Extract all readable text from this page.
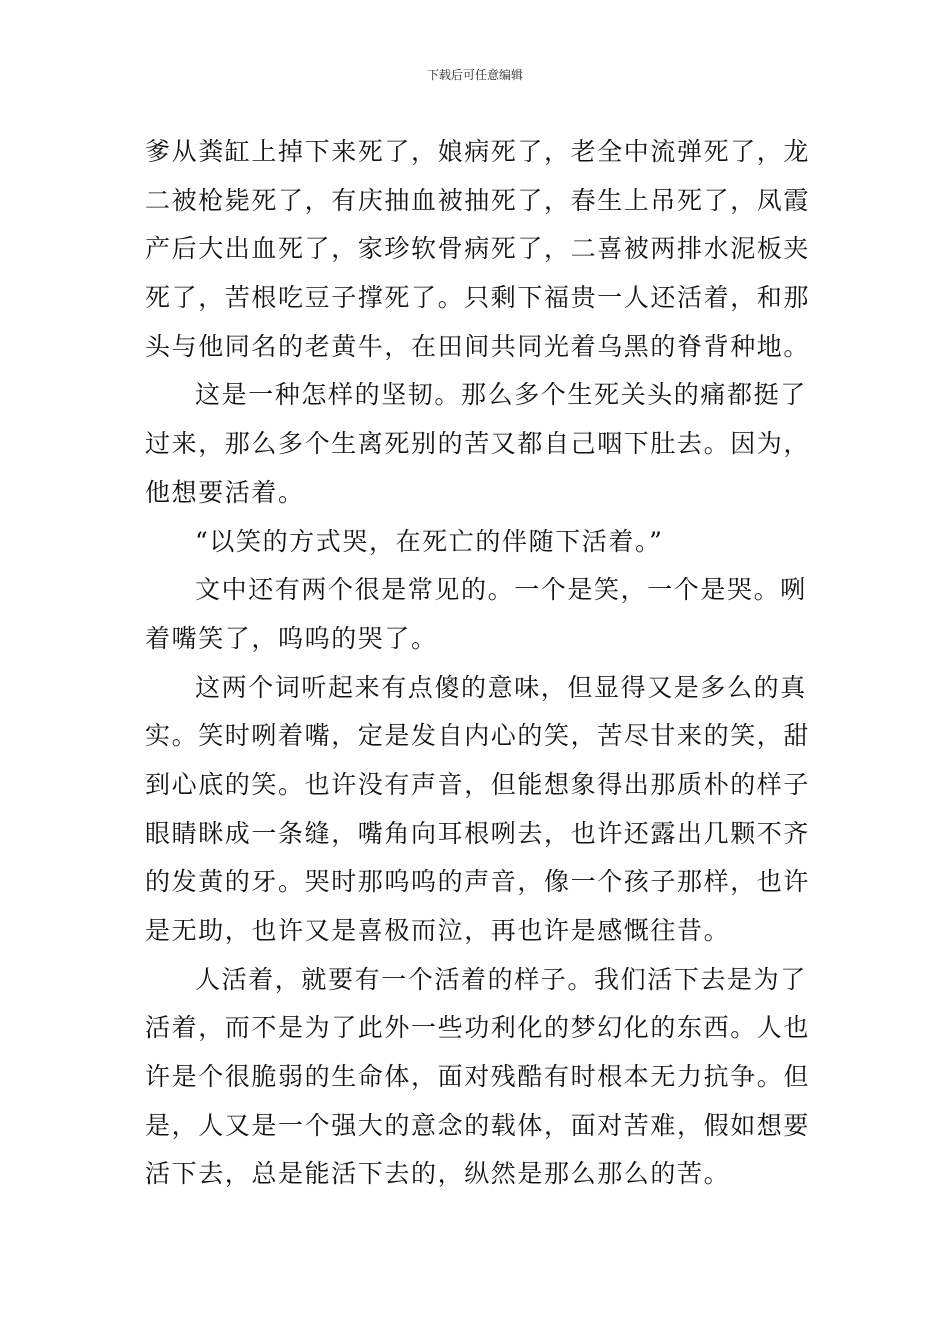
下载后可任意编辑
爹从粪缸上掉下来死了，娘病死了，老全中流弹死了，龙
二被枪毙死了，有庆抽血被抽死了，春生上吊死了，凤霞
产后大出血死了，家珍软骨病死了，二喜被两排水泥板夹
死了，苦根吃豆子撑死了。只剩下福贵一人还活着，和那
头与他同名的老黄牛，在田间共同光着乌黑的脊背种地。
这是一种怎样的坚韧。那么多个生死关头的痛都挺了
过来，那么多个生离死别的苦又都自己咽下肚去。因为，
他想要活着。
“以笑的方式哭，在死亡的伴随下活着。”
文中还有两个很是常见的。一个是笑，一个是哭。咧
着嘴笑了，呜呜的哭了。
这两个词听起来有点傻的意味，但显得又是多么的真
实。笑时咧着嘴，定是发自内心的笑，苦尽甘来的笑，甜
到心底的笑。也许没有声音，但能想象得出那质朴的样子
眼睛眯成一条缝，嘴角向耳根咧去，也许还露出几颗不齐
的发黄的牙。哭时那呜呜的声音，像一个孩子那样，也许
是无助，也许又是喜极而泣，再也许是感慨往昔。
人活着，就要有一个活着的样子。我们活下去是为了
活着，而不是为了此外一些功利化的梦幻化的东西。人也
许是个很脆弱的生命体，面对残酷有时根本无力抗争。但
是，人又是一个强大的意念的载体，面对苦难，假如想要
活下去，总是能活下去的，纵然是那么那么的苦。
